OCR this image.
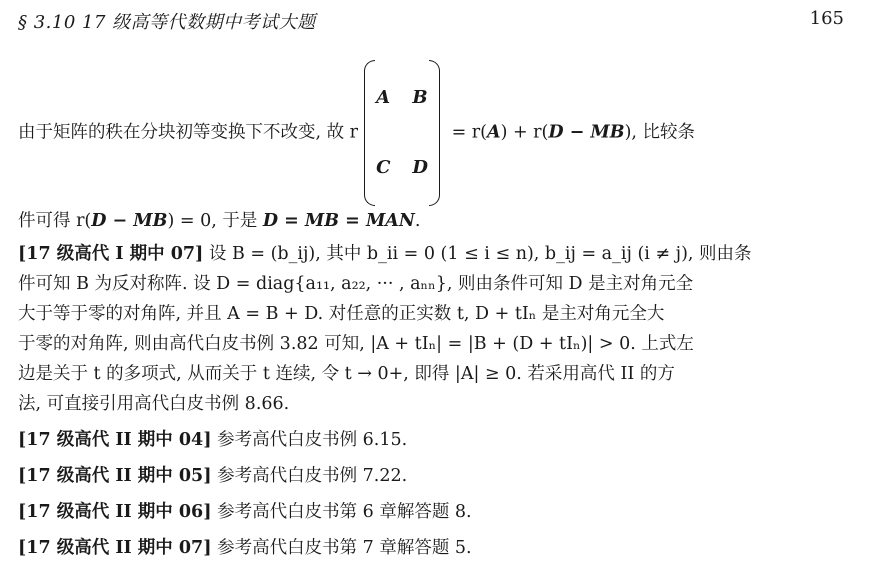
§ 3.10 17 级高等代数期中考试大题	165
由于矩阵的秩在分块初等变换下不改变, 故 r
A B
C D
= r(A) + r(D − MB), 比较条
件可得 r(D − MB) = 0, 于是 D = MB = MAN.
[17 级高代 I 期中 07] 设 B = (b_ij), 其中 b_ii = 0 (1 ≤ i ≤ n), b_ij = a_ij (i ≠ j), 则由条
件可知 B 为反对称阵. 设 D = diag{a₁₁, a₂₂, ··· , aₙₙ}, 则由条件可知 D 是主对角元全
大于等于零的对角阵, 并且 A = B + D. 对任意的正实数 t, D + tIₙ 是主对角元全大
于零的对角阵, 则由高代白皮书例 3.82 可知, |A + tIₙ| = |B + (D + tIₙ)| > 0. 上式左
边是关于 t 的多项式, 从而关于 t 连续, 令 t → 0+, 即得 |A| ≥ 0. 若采用高代 II 的方
法, 可直接引用高代白皮书例 8.66.
[17 级高代 II 期中 04] 参考高代白皮书例 6.15.
[17 级高代 II 期中 05] 参考高代白皮书例 7.22.
[17 级高代 II 期中 06] 参考高代白皮书第 6 章解答题 8.
[17 级高代 II 期中 07] 参考高代白皮书第 7 章解答题 5.
